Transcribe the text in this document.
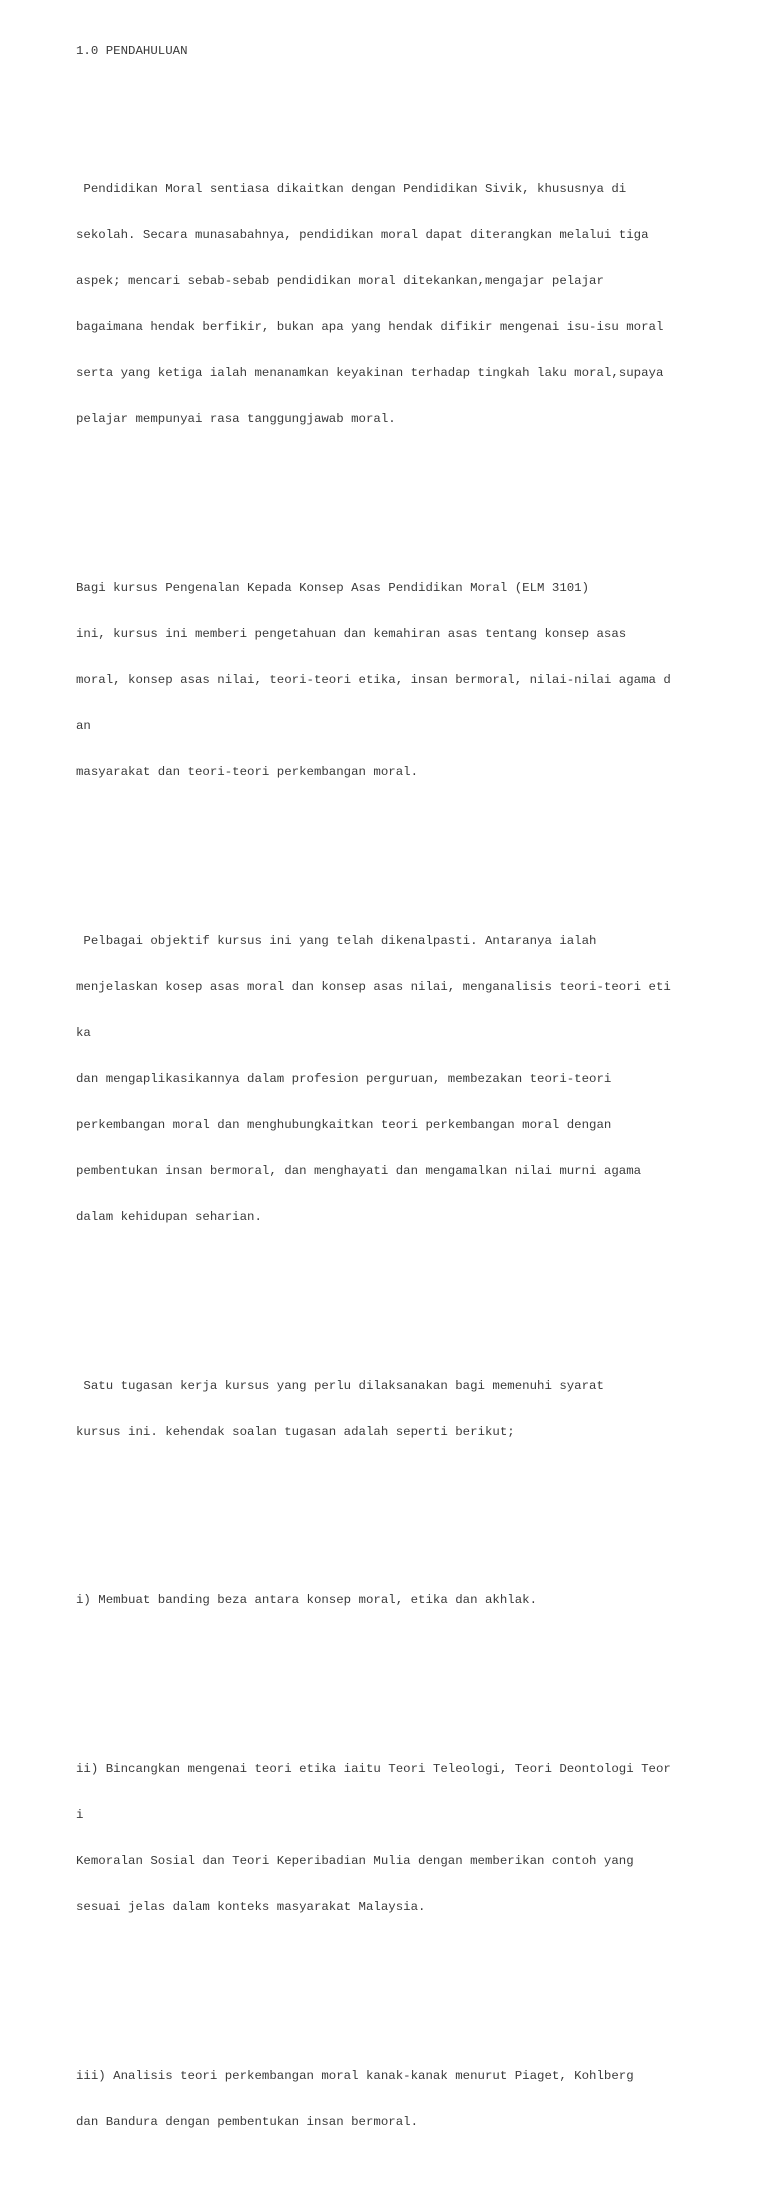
1.0 PENDAHULUAN

Pendidikan Moral sentiasa dikaitkan dengan Pendidikan Sivik, khususnya di

sekolah. Secara munasabahnya, pendidikan moral dapat diterangkan melalui tiga

aspek; mencari sebab-sebab pendidikan moral ditekankan,mengajar pelajar

bagaimana hendak berfikir, bukan apa yang hendak difikir mengenai isu-isu moral

serta yang ketiga ialah menanamkan keyakinan terhadap tingkah laku moral,supaya

pelajar mempunyai rasa tanggungjawab moral.

Bagi kursus Pengenalan Kepada Konsep Asas Pendidikan Moral (ELM 3101)

ini, kursus ini memberi pengetahuan dan kemahiran asas tentang konsep asas

moral, konsep asas nilai, teori-teori etika, insan bermoral, nilai-nilai agama d

an

masyarakat dan teori-teori perkembangan moral.

Pelbagai objektif kursus ini yang telah dikenalpasti. Antaranya ialah

menjelaskan kosep asas moral dan konsep asas nilai, menganalisis teori-teori eti

ka

dan mengaplikasikannya dalam profesion perguruan, membezakan teori-teori

perkembangan moral dan menghubungkaitkan teori perkembangan moral dengan

pembentukan insan bermoral, dan menghayati dan mengamalkan nilai murni agama

dalam kehidupan seharian.

Satu tugasan kerja kursus yang perlu dilaksanakan bagi memenuhi syarat

kursus ini. kehendak soalan tugasan adalah seperti berikut;

i) Membuat banding beza antara konsep moral, etika dan akhlak.

ii) Bincangkan mengenai teori etika iaitu Teori Teleologi, Teori Deontologi Teor

i

Kemoralan Sosial dan Teori Keperibadian Mulia dengan memberikan contoh yang

sesuai jelas dalam konteks masyarakat Malaysia.

iii) Analisis teori perkembangan moral kanak-kanak menurut Piaget, Kohlberg

dan Bandura dengan pembentukan insan bermoral.
